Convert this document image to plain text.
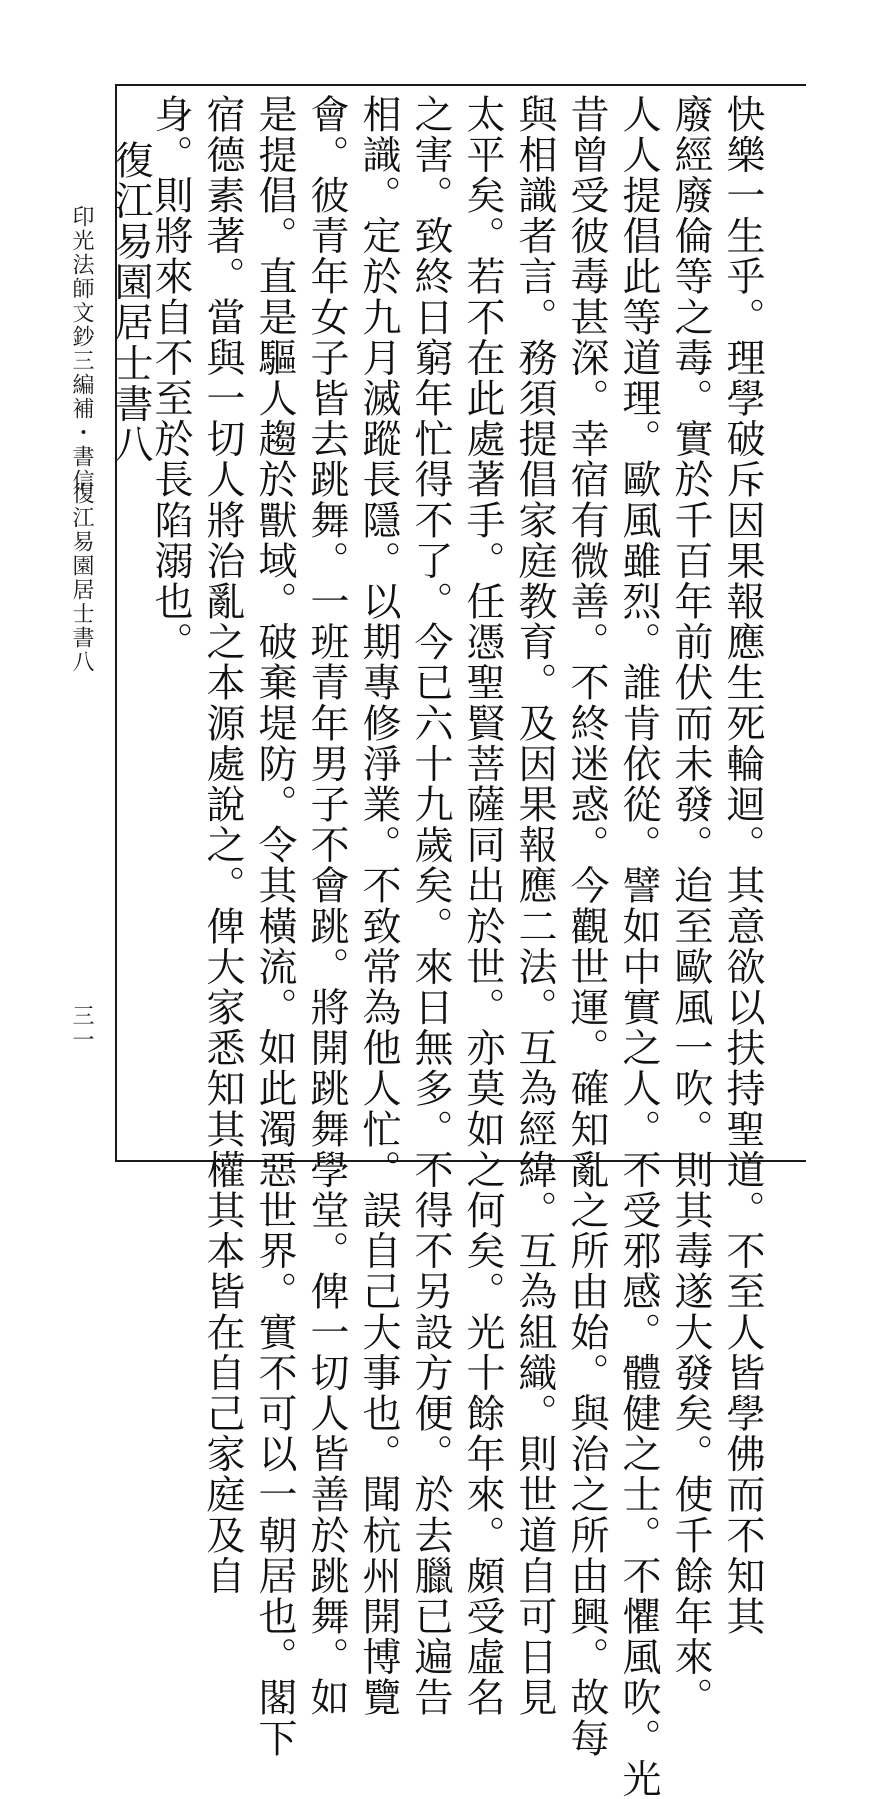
印光法師文鈔三編補・書信
復江易園居士書八
三一	快樂一生乎。理學破斥因果報應生死輪迴。其意欲以扶持聖道。不至人皆學佛而不知其
廢經廢倫等之毒。實於千百年前伏而未發。迨至歐風一吹。則其毒遂大發矣。使千餘年來。
人人提倡此等道理。歐風雖烈。誰肯依從。譬如中實之人。不受邪感。體健之士。不懼風吹。光
昔曾受彼毒甚深。幸宿有微善。不終迷惑。今觀世運。確知亂之所由始。與治之所由興。故每
與相識者言。務須提倡家庭教育。及因果報應二法。互為經緯。互為組織。則世道自可日見
太平矣。若不在此處著手。任憑聖賢菩薩同出於世。亦莫如之何矣。光十餘年來。頗受虛名
之害。致終日窮年忙得不了。今已六十九歲矣。來日無多。不得不另設方便。於去臘已遍告
相識。定於九月滅蹤長隱。以期專修淨業。不致常為他人忙。誤自己大事也。聞杭州開博覽
會。彼青年女子皆去跳舞。一班青年男子不會跳。將開跳舞學堂。俾一切人皆善於跳舞。如
是提倡。直是驅人趨於獸域。破棄堤防。令其橫流。如此濁惡世界。實不可以一朝居也。閣下
宿德素著。當與一切人將治亂之本源處說之。俾大家悉知其權其本皆在自己家庭及自
身。則將來自不至於長陷溺也。
復江易園居士書八
